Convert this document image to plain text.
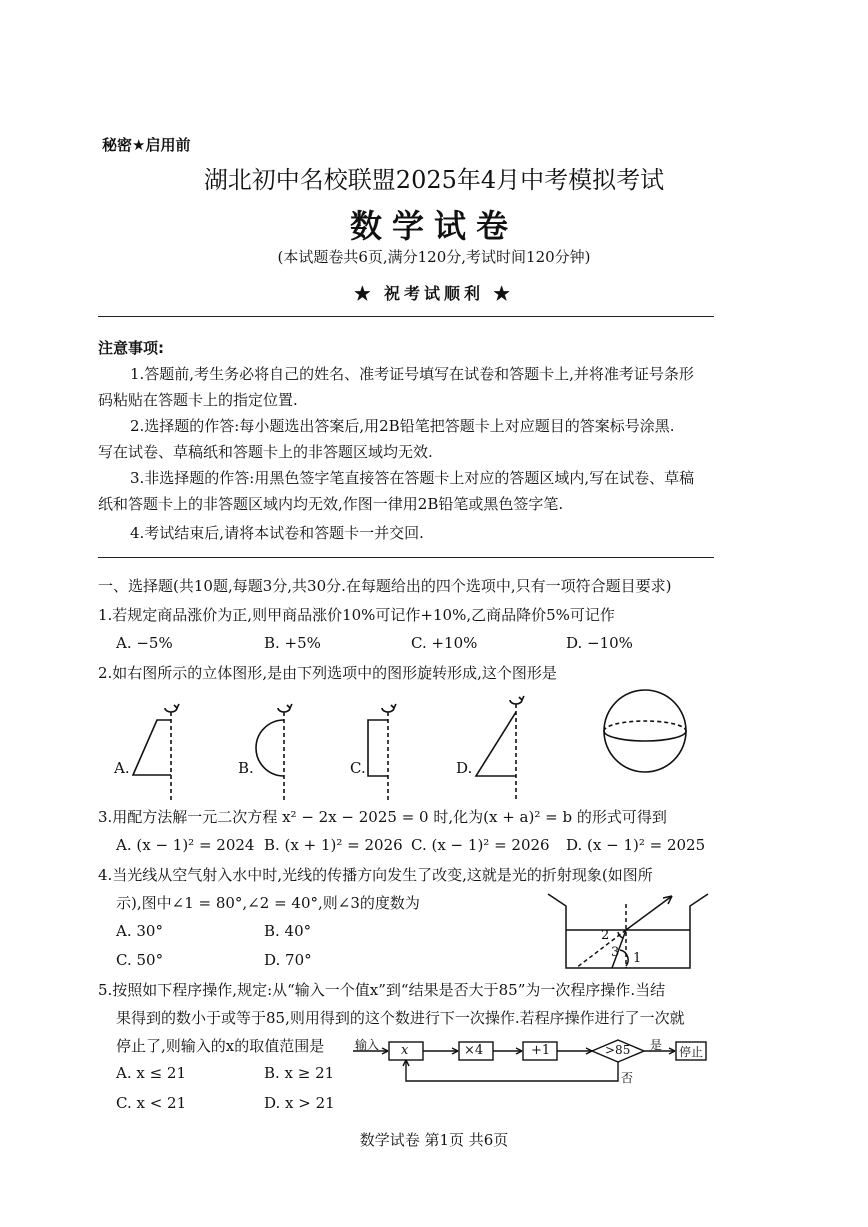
秘密★启用前
湖北初中名校联盟2025年4月中考模拟考试
数学试卷
(本试题卷共6页,满分120分,考试时间120分钟)
★ 祝考试顺利 ★
注意事项:
1.答题前,考生务必将自己的姓名、准考证号填写在试卷和答题卡上,并将准考证号条形
码粘贴在答题卡上的指定位置.
2.选择题的作答:每小题选出答案后,用2B铅笔把答题卡上对应题目的答案标号涂黑.
写在试卷、草稿纸和答题卡上的非答题区域均无效.
3.非选择题的作答:用黑色签字笔直接答在答题卡上对应的答题区域内,写在试卷、草稿
纸和答题卡上的非答题区域内均无效,作图一律用2B铅笔或黑色签字笔.
4.考试结束后,请将本试卷和答题卡一并交回.
一、选择题(共10题,每题3分,共30分.在每题给出的四个选项中,只有一项符合题目要求)
1.若规定商品涨价为正,则甲商品涨价10%可记作+10%,乙商品降价5%可记作
A. −5%	B. +5%	C. +10%	D. −10%
2.如右图所示的立体图形,是由下列选项中的图形旋转形成,这个图形是
A.	B.	C.	D.
3.用配方法解一元二次方程 x² − 2x − 2025 = 0 时,化为(x + a)² = b 的形式可得到
A. (x − 1)² = 2024 B. (x + 1)² = 2026 C. (x − 1)² = 2026 D. (x − 1)² = 2025
4.当光线从空气射入水中时,光线的传播方向发生了改变,这就是光的折射现象(如图所
示),图中∠1 = 80°,∠2 = 40°,则∠3的度数为
A. 30°	B. 40°
C. 50°	D. 70°
2
3 1
5.按照如下程序操作,规定:从“输入一个值x”到“结果是否大于85”为一次程序操作.当结
果得到的数小于或等于85,则用得到的这个数进行下一次操作.若程序操作进行了一次就
停止了,则输入的x的取值范围是
A. x ≤ 21	B. x ≥ 21
C. x < 21	D. x > 21
输入 x	×4	+1	>85 是 停止
否
数学试卷 第1页 共6页
